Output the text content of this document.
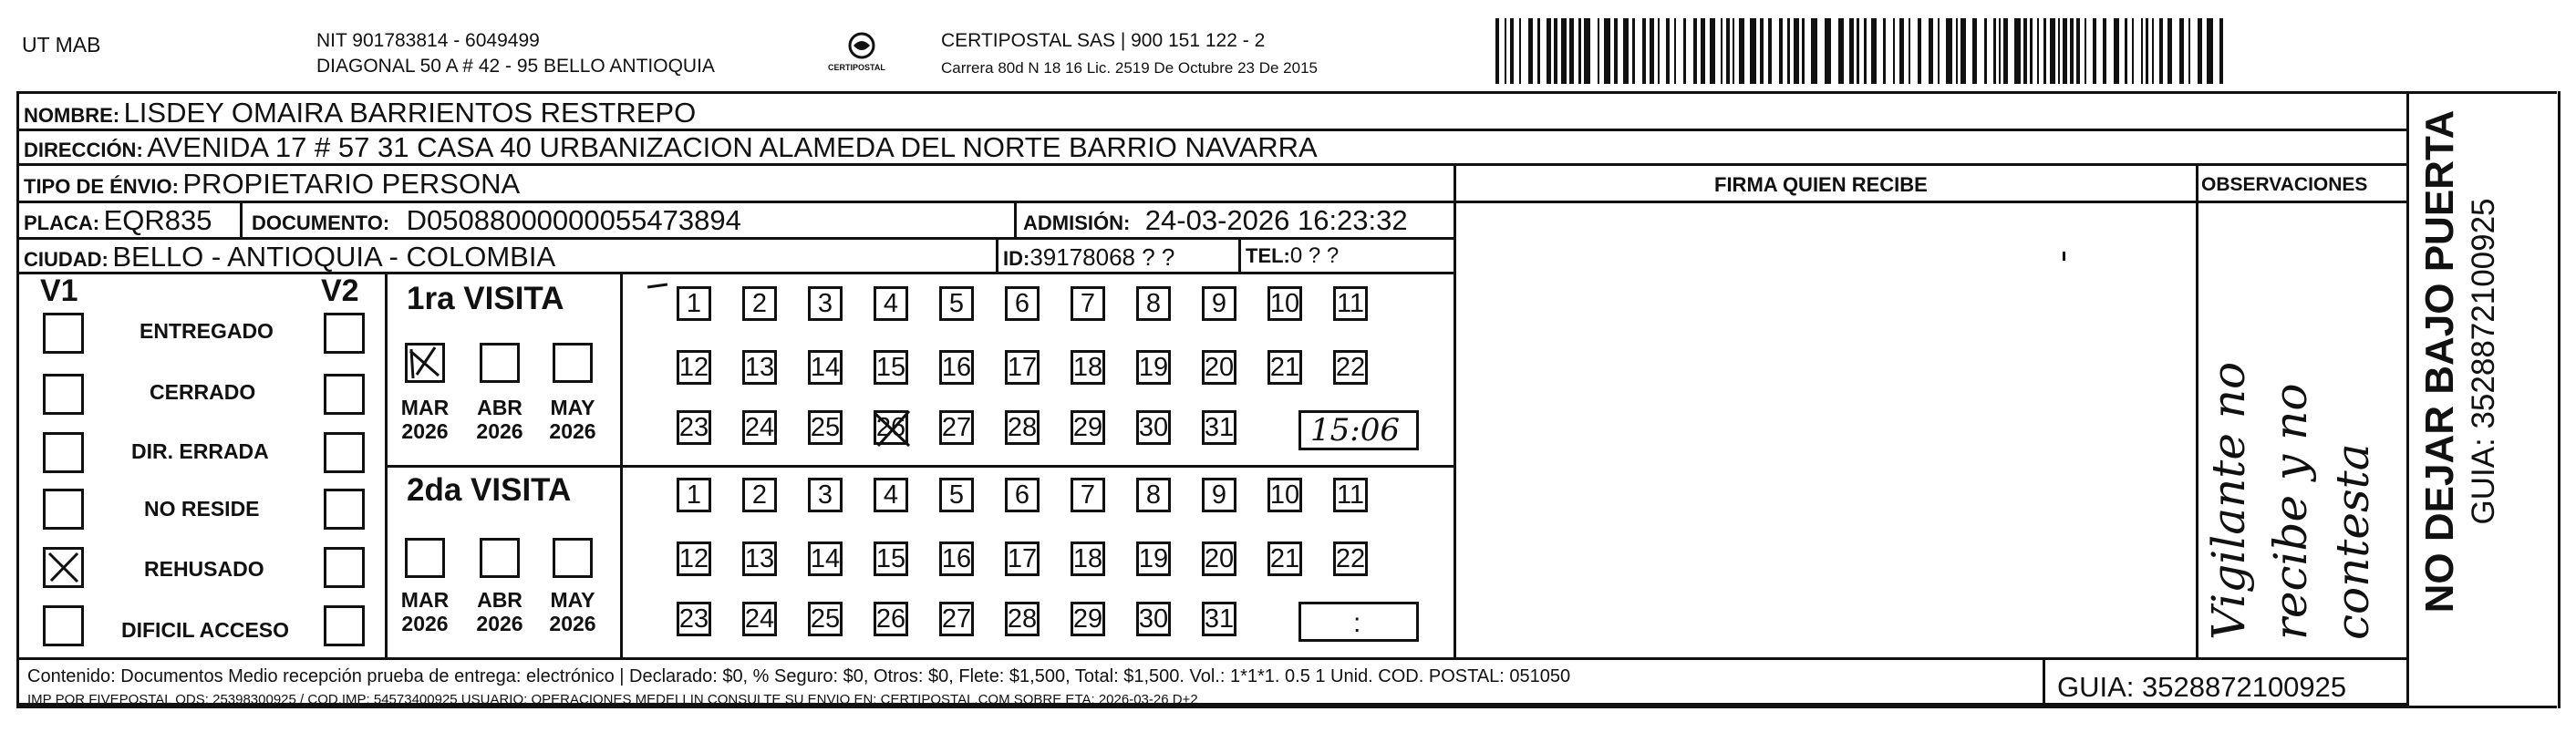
UT MAB	NIT 901783814 - 6049499
DIAGONAL 50 A # 42 - 95 BELLO ANTIOQUIA	CERTIPOSTAL
CERTIPOSTAL SAS | 900 151 122 - 2
Carrera 80d N 18 16 Lic. 2519 De Octubre 23 De 2015
NOMBRE: LISDEY OMAIRA BARRIENTOS RESTREPO
DIRECCIÓN: AVENIDA 17 # 57 31 CASA 40 URBANIZACION ALAMEDA DEL NORTE BARRIO NAVARRA
TIPO DE ÉNVIO: PROPIETARIO PERSONA
PLACA: EQR835 DOCUMENTO: D05088000000055473894	ADMISIÓN: 24-03-2026 16:23:32
CIUDAD: BELLO - ANTIOQUIA - COLOMBIA	ID:39178068 ? ?	TEL:0 ? ?
FIRMA QUIEN RECIBE	OBSERVACIONES
Vigilante no recibe y no contesta
V1	V2
ENTREGADO
CERRADO
DIR. ERRADA
NO RESIDE
REHUSADO
DIFICIL ACCESO
1ra VISITA
MAR
2026
ABR
2026
MAY
2026
2da VISITA
MAR
2026
ABR
2026
MAY
2026
1	2	3	4	5	6	7	8	9	10 11
12 13 14 15 16 17 18 19 20 21 22
23 24 25 26 27 28 29 30 31
1	2	3	4	5	6	7	8	9	10 11
12 13 14 15 16 17 18 19 20 21 22
23 24 25 26 27 28 29 30 31
15:06
:
Contenido: Documentos Medio recepción prueba de entrega: electrónico | Declarado: $0, % Seguro: $0, Otros: $0, Flete: $1,500, Total: $1,500. Vol.: 1*1*1. 0.5 1 Unid. COD. POSTAL: 051050
IMP POR FIVEPOSTAL ODS: 25398300925 / COD.IMP: 54573400925 USUARIO: OPERACIONES MEDELLIN CONSULTE SU ENVIO EN: CERTIPOSTAL.COM SOBRE ETA: 2026-03-26 D+2	GUIA: 3528872100925
NO DEJAR BAJO PUERTA GUIA: 3528872100925
